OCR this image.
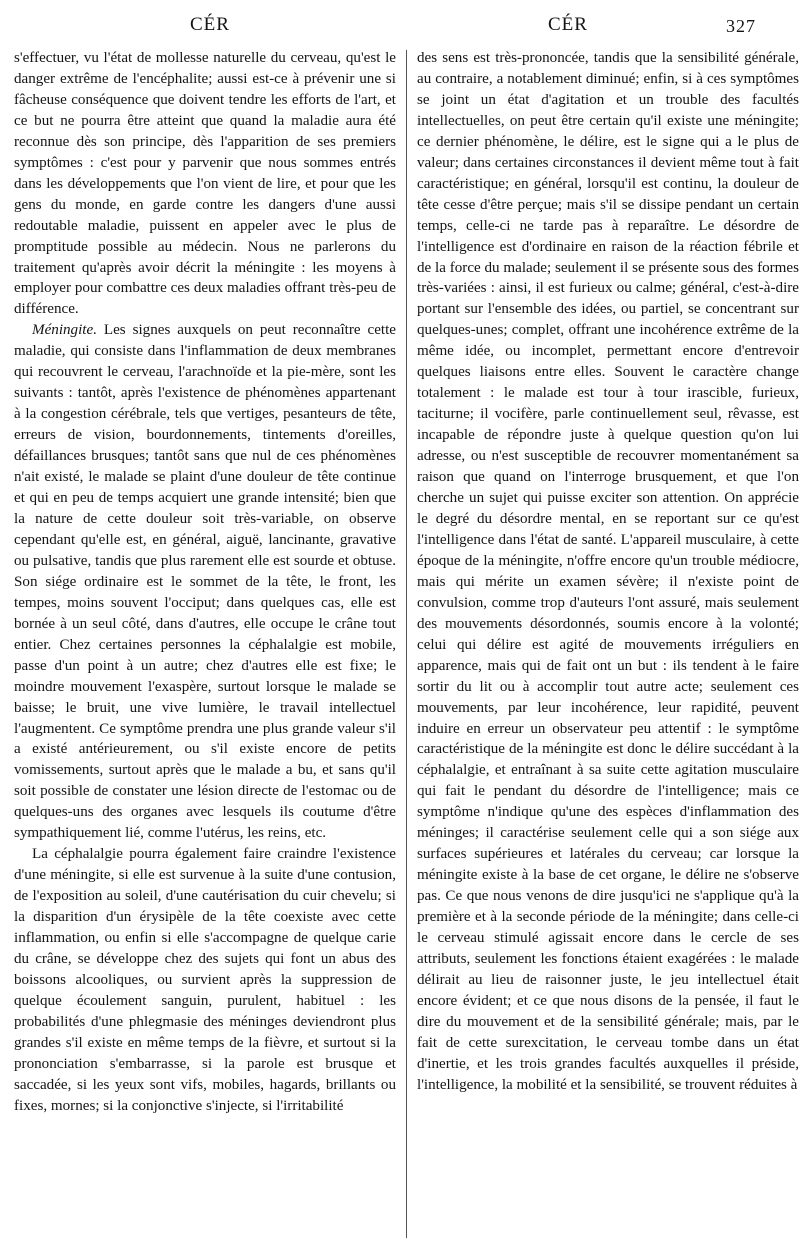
CÉR	CÉR	327

s'effectuer, vu l'état de mollesse naturelle du cerveau, qu'est le danger extrême de l'encéphalite; aussi est-ce à prévenir une si fâcheuse conséquence que doivent tendre les efforts de l'art, et ce but ne pourra être atteint que quand la maladie aura été reconnue dès son principe, dès l'apparition de ses premiers symptômes : c'est pour y parvenir que nous sommes entrés dans les développements que l'on vient de lire, et pour que les gens du monde, en garde contre les dangers d'une aussi redoutable maladie, puissent en appeler avec le plus de promptitude possible au médecin. Nous ne parlerons du traitement qu'après avoir décrit la méningite : les moyens à employer pour combattre ces deux maladies offrant très-peu de différence.

Méningite. Les signes auxquels on peut reconnaître cette maladie, qui consiste dans l'inflammation de deux membranes qui recouvrent le cerveau, l'arachnoïde et la pie-mère, sont les suivants : tantôt, après l'existence de phénomènes appartenant à la congestion cérébrale, tels que vertiges, pesanteurs de tête, erreurs de vision, bourdonnements, tintements d'oreilles, défaillances brusques; tantôt sans que nul de ces phénomènes n'ait existé, le malade se plaint d'une douleur de tête continue et qui en peu de temps acquiert une grande intensité; bien que la nature de cette douleur soit très-variable, on observe cependant qu'elle est, en général, aiguë, lancinante, gravative ou pulsative, tandis que plus rarement elle est sourde et obtuse. Son siége ordinaire est le sommet de la tête, le front, les tempes, moins souvent l'occiput; dans quelques cas, elle est bornée à un seul côté, dans d'autres, elle occupe le crâne tout entier. Chez certaines personnes la céphalalgie est mobile, passe d'un point à un autre; chez d'autres elle est fixe; le moindre mouvement l'exaspère, surtout lorsque le malade se baisse; le bruit, une vive lumière, le travail intellectuel l'augmentent. Ce symptôme prendra une plus grande valeur s'il a existé antérieurement, ou s'il existe encore de petits vomissements, surtout après que le malade a bu, et sans qu'il soit possible de constater une lésion directe de l'estomac ou de quelques-uns des organes avec lesquels ils coutume d'être sympathiquement lié, comme l'utérus, les reins, etc.

La céphalalgie pourra également faire craindre l'existence d'une méningite, si elle est survenue à la suite d'une contusion, de l'exposition au soleil, d'une cautérisation du cuir chevelu; si la disparition d'un érysipèle de la tête coexiste avec cette inflammation, ou enfin si elle s'accompagne de quelque carie du crâne, se développe chez des sujets qui font un abus des boissons alcooliques, ou survient après la suppression de quelque écoulement sanguin, purulent, habituel : les probabilités d'une phlegmasie des méninges deviendront plus grandes s'il existe en même temps de la fièvre, et surtout si la prononciation s'embarrasse, si la parole est brusque et saccadée, si les yeux sont vifs, mobiles, hagards, brillants ou fixes, mornes; si la conjonctive s'injecte, si l'irritabilité

des sens est très-prononcée, tandis que la sensibilité générale, au contraire, a notablement diminué; enfin, si à ces symptômes se joint un état d'agitation et un trouble des facultés intellectuelles, on peut être certain qu'il existe une méningite; ce dernier phénomène, le délire, est le signe qui a le plus de valeur; dans certaines circonstances il devient même tout à fait caractéristique; en général, lorsqu'il est continu, la douleur de tête cesse d'être perçue; mais s'il se dissipe pendant un certain temps, celle-ci ne tarde pas à reparaître. Le désordre de l'intelligence est d'ordinaire en raison de la réaction fébrile et de la force du malade; seulement il se présente sous des formes très-variées : ainsi, il est furieux ou calme; général, c'est-à-dire portant sur l'ensemble des idées, ou partiel, se concentrant sur quelques-unes; complet, offrant une incohérence extrême de la même idée, ou incomplet, permettant encore d'entrevoir quelques liaisons entre elles. Souvent le caractère change totalement : le malade est tour à tour irascible, furieux, taciturne; il vocifère, parle continuellement seul, rêvasse, est incapable de répondre juste à quelque question qu'on lui adresse, ou n'est susceptible de recouvrer momentanément sa raison que quand on l'interroge brusquement, et que l'on cherche un sujet qui puisse exciter son attention. On apprécie le degré du désordre mental, en se reportant sur ce qu'est l'intelligence dans l'état de santé. L'appareil musculaire, à cette époque de la méningite, n'offre encore qu'un trouble médiocre, mais qui mérite un examen sévère; il n'existe point de convulsion, comme trop d'auteurs l'ont assuré, mais seulement des mouvements désordonnés, soumis encore à la volonté; celui qui délire est agité de mouvements irréguliers en apparence, mais qui de fait ont un but : ils tendent à le faire sortir du lit ou à accomplir tout autre acte; seulement ces mouvements, par leur incohérence, leur rapidité, peuvent induire en erreur un observateur peu attentif : le symptôme caractéristique de la méningite est donc le délire succédant à la céphalalgie, et entraînant à sa suite cette agitation musculaire qui fait le pendant du désordre de l'intelligence; mais ce symptôme n'indique qu'une des espèces d'inflammation des méninges; il caractérise seulement celle qui a son siége aux surfaces supérieures et latérales du cerveau; car lorsque la méningite existe à la base de cet organe, le délire ne s'observe pas. Ce que nous venons de dire jusqu'ici ne s'applique qu'à la première et à la seconde période de la méningite; dans celle-ci le cerveau stimulé agissait encore dans le cercle de ses attributs, seulement les fonctions étaient exagérées : le malade délirait au lieu de raisonner juste, le jeu intellectuel était encore évident; et ce que nous disons de la pensée, il faut le dire du mouvement et de la sensibilité générale; mais, par le fait de cette surexcitation, le cerveau tombe dans un état d'inertie, et les trois grandes facultés auxquelles il préside, l'intelligence, la mobilité et la sensibilité, se trouvent réduites à
